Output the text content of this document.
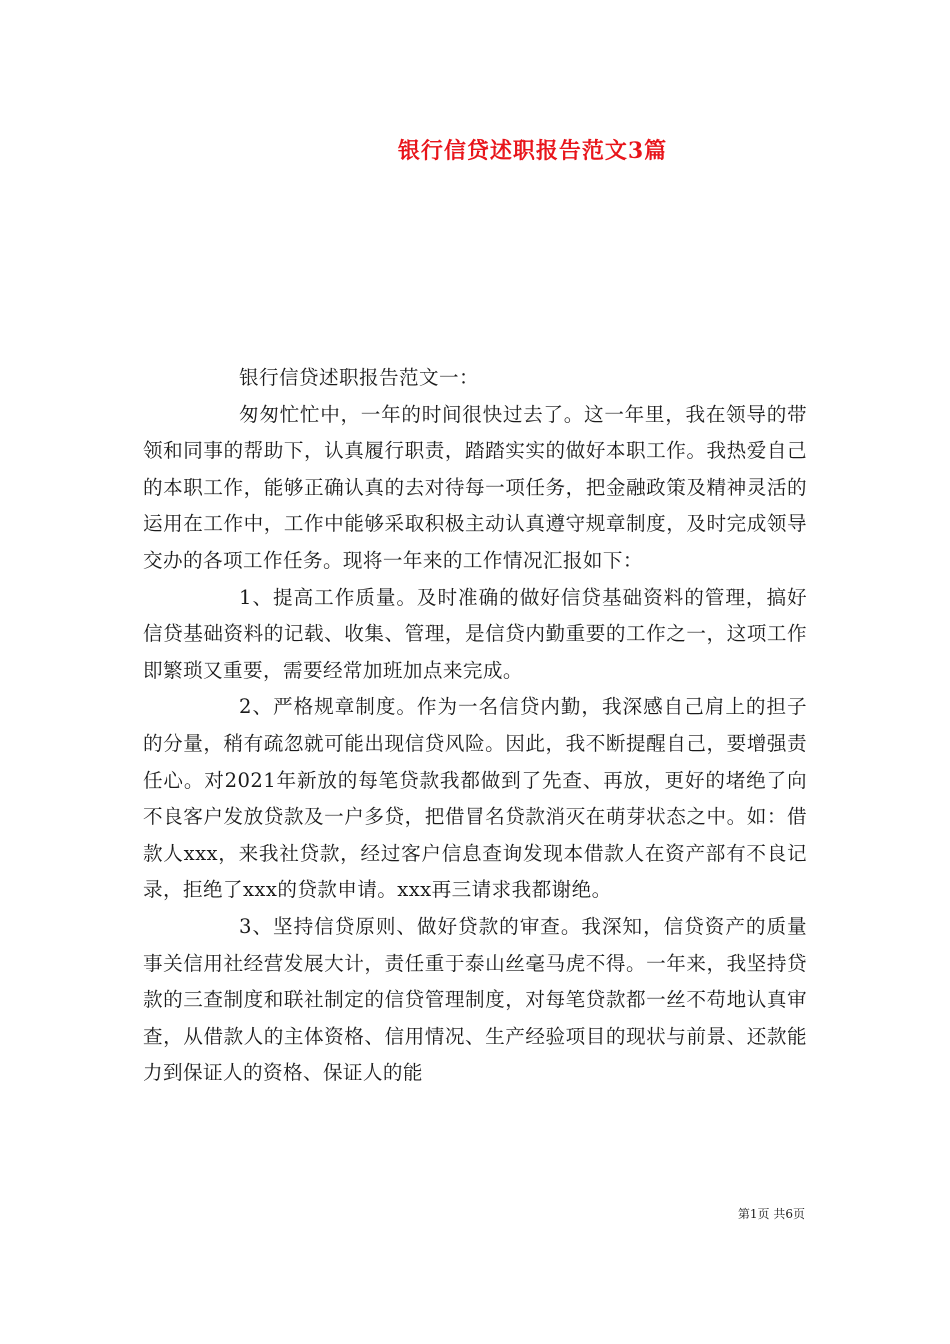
银行信贷述职报告范文3篇

银行信贷述职报告范文一：

匆匆忙忙中，一年的时间很快过去了。这一年里，我在领导的带领和同事的帮助下，认真履行职责，踏踏实实的做好本职工作。我热爱自己的本职工作，能够正确认真的去对待每一项任务，把金融政策及精神灵活的运用在工作中，工作中能够采取积极主动认真遵守规章制度，及时完成领导交办的各项工作任务。现将一年来的工作情况汇报如下：

1、提高工作质量。及时准确的做好信贷基础资料的管理，搞好信贷基础资料的记载、收集、管理，是信贷内勤重要的工作之一，这项工作即繁琐又重要，需要经常加班加点来完成。

2、严格规章制度。作为一名信贷内勤，我深感自己肩上的担子的分量，稍有疏忽就可能出现信贷风险。因此，我不断提醒自己，要增强责任心。对2021年新放的每笔贷款我都做到了先查、再放，更好的堵绝了向不良客户发放贷款及一户多贷，把借冒名贷款消灭在萌芽状态之中。如：借款人xxx，来我社贷款，经过客户信息查询发现本借款人在资产部有不良记录，拒绝了xxx的贷款申请。xxx再三请求我都谢绝。

3、坚持信贷原则、做好贷款的审查。我深知，信贷资产的质量事关信用社经营发展大计，责任重于泰山丝毫马虎不得。一年来，我坚持贷款的三查制度和联社制定的信贷管理制度，对每笔贷款都一丝不苟地认真审查，从借款人的主体资格、信用情况、生产经验项目的现状与前景、还款能力到保证人的资格、保证人的能

第1页 共6页
